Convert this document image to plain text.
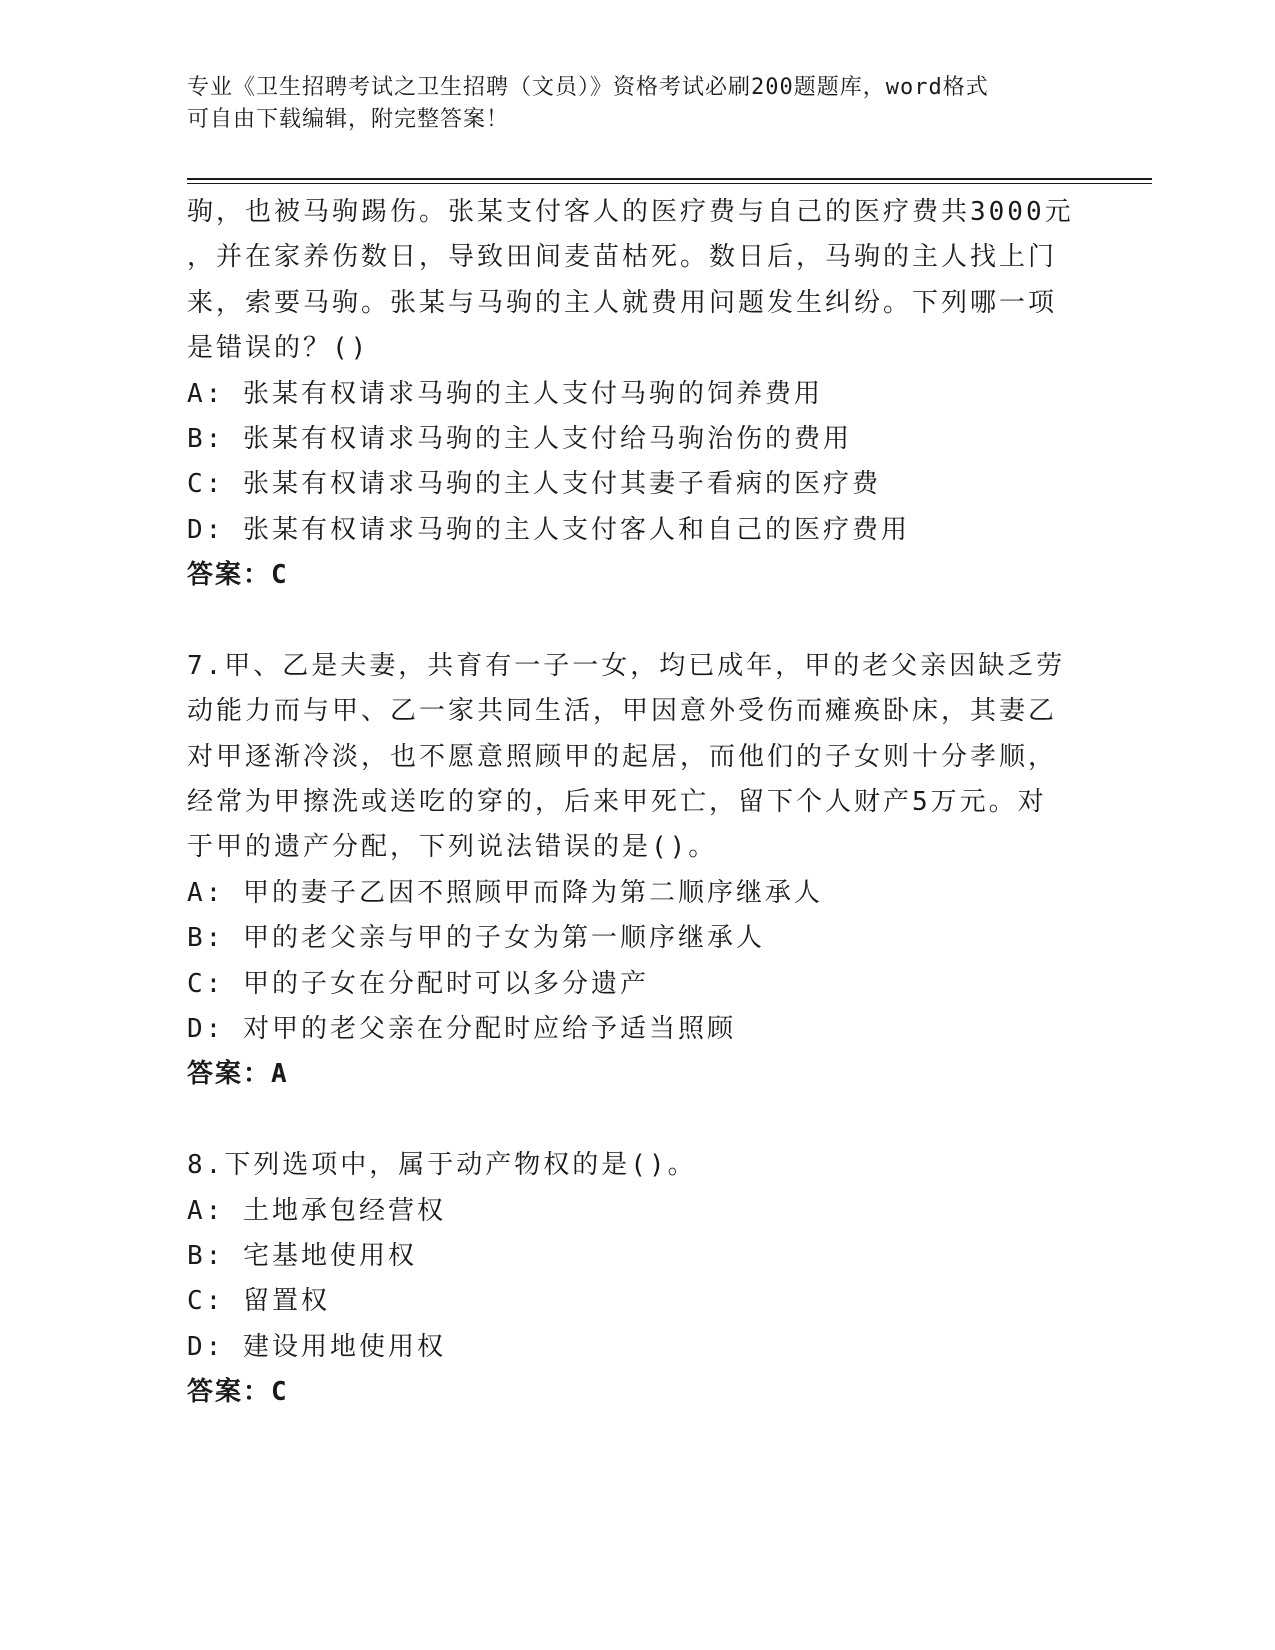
专业《卫生招聘考试之卫生招聘（文员）》资格考试必刷200题题库，word格式
可自由下载编辑，附完整答案！
驹，也被马驹踢伤。张某支付客人的医疗费与自己的医疗费共3000元
，并在家养伤数日，导致田间麦苗枯死。数日后，马驹的主人找上门
来，索要马驹。张某与马驹的主人就费用问题发生纠纷。下列哪一项
是错误的？()
A: 张某有权请求马驹的主人支付马驹的饲养费用
B: 张某有权请求马驹的主人支付给马驹治伤的费用
C: 张某有权请求马驹的主人支付其妻子看病的医疗费
D: 张某有权请求马驹的主人支付客人和自己的医疗费用
答案：C
7.甲、乙是夫妻，共育有一子一女，均已成年，甲的老父亲因缺乏劳
动能力而与甲、乙一家共同生活，甲因意外受伤而瘫痪卧床，其妻乙
对甲逐渐冷淡，也不愿意照顾甲的起居，而他们的子女则十分孝顺，
经常为甲擦洗或送吃的穿的，后来甲死亡，留下个人财产5万元。对
于甲的遗产分配，下列说法错误的是()。
A: 甲的妻子乙因不照顾甲而降为第二顺序继承人
B: 甲的老父亲与甲的子女为第一顺序继承人
C: 甲的子女在分配时可以多分遗产
D: 对甲的老父亲在分配时应给予适当照顾
答案：A
8.下列选项中，属于动产物权的是()。
A: 土地承包经营权
B: 宅基地使用权
C: 留置权
D: 建设用地使用权
答案：C
